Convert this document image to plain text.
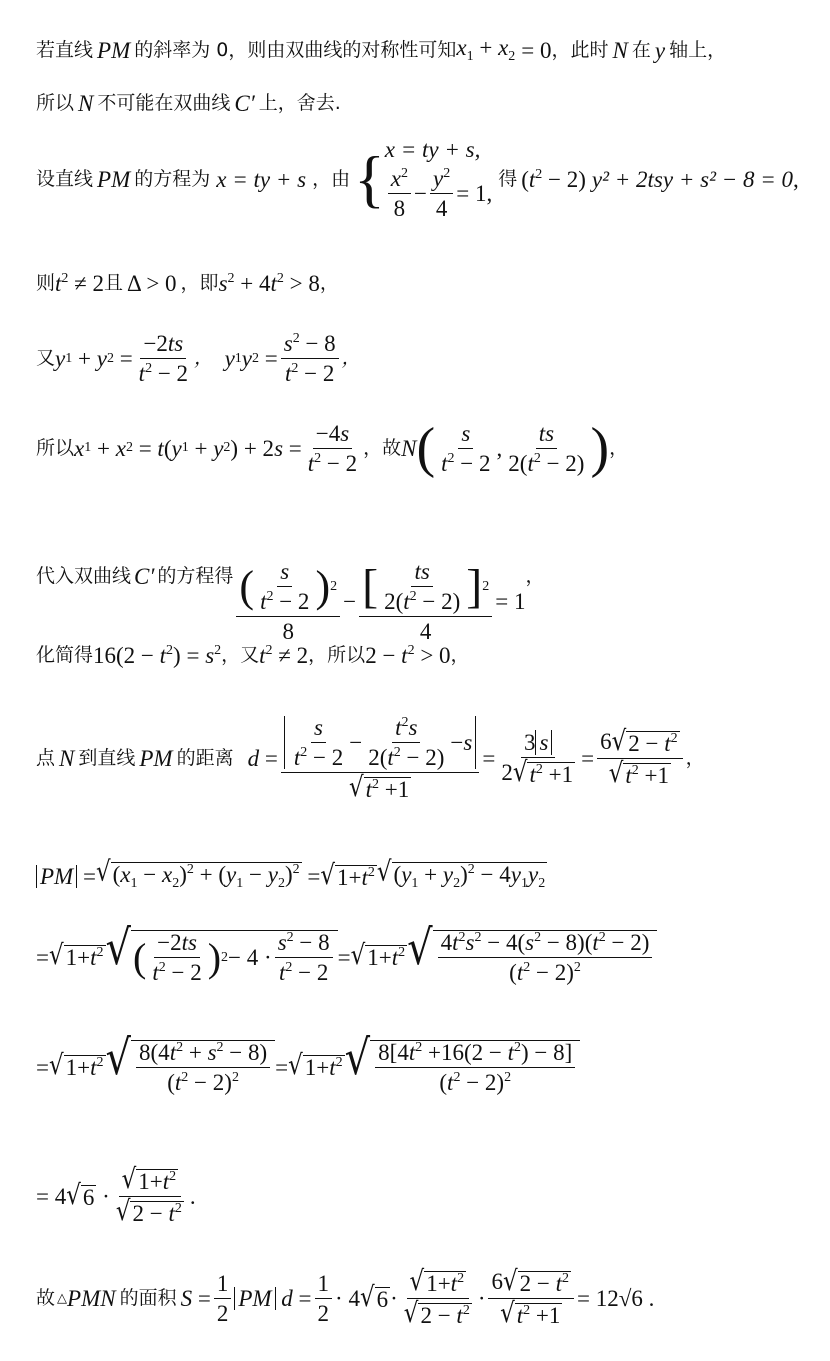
若直线 PM 的斜率为 0，则由双曲线的对称性可知 $x_1 + x_2 = 0$ ，此时 N 在 y 轴上，
所以 N 不可能在双曲线 C′ 上，舍去.
设直线 PM 的方程为 x = ty + s ，由 { x = ty + s,
$\frac{x^2}{8} - \frac{y^2}{4} = 1$,
得 $(t^2 - 2) y^2 + 2tsy + s^2 - 8 = 0$ ,
则 $t^2 \ne 2$ 且 Δ > 0 ，即 $s^2 + 4t^2 > 8$ ，
又 y 1
+ y 2
= $\frac{-2ts}{t^2 - 2}$ ， y 1 y 2
= $\frac{s^2 - 8}{t^2 - 2}$ ，
所以 x 1
+ x 2
= t ( y 1
+ y 2 )
+ 2 $s = \frac{-4s}{t^2 - 2}$ ，故 N ( $\frac{s}{t^2 - 2}$ , $\frac{ts}{2(t^2 - 2)}$ ) ，
代入双曲线 C′ 的方程得 $\frac{( \frac{s}{t^2 - 2} ) 2}{8} - \frac{[ \frac{ts}{2(t^2 - 2)} ] 2}{4} = 1$
，
化简得 $16(2 - t^2) = s^2$ ，又 $t^2 \ne 2$ ，所以 $2 - t^2 > 0$ ，
点 N 到直线 PM 的距离 $d = \frac{\frac{s}{t^2 - 2} - \frac{t^2s}{2(t^2 - 2)} - s}{√ t^2 +1} = \frac{3 s}{2 √ t^2 +1} = \frac{6 √ 2 - t^2}{√ t^2 +1}$ ，
PM
= √ $(x_1 - x_2)^2 + (y_1 - y_2)^2$
= √ $1+t^2$ √ $(y_1 + y_2)^2 - 4y_1y_2$
= √ $1+t^2$ √ ( $\frac{-2ts}{t^2 - 2}$ ) $2 - 4 \cdot \frac{s^2 - 8}{t^2 - 2}$ = √ $1+t^2$ √ $\frac{4t^2s^2 - 4(s^2 - 8)(t^2 - 2)}{(t^2 - 2)^2}$
= √ $1+t^2$ √ $\frac{8(4t^2 + s^2 - 8)}{(t^2 - 2)^2}$ = √ $1+t^2$ √ $\frac{8[4t^2 +16(2 - t^2) - 8]}{(t^2 - 2)^2}$
= 4 √ 6
· $\frac{√ 1+t^2}{√ 2 - t^2}$ .
故 △ PMN 的面积 $S = \frac{1}{2}$ PM $d = \frac{1}{2} \cdot 4$ √ $6 \cdot \frac{√ 1+t^2}{√ 2 - t^2} \cdot \frac{6 √ 2 - t^2}{√ t^2 +1} = 12√6$ .
